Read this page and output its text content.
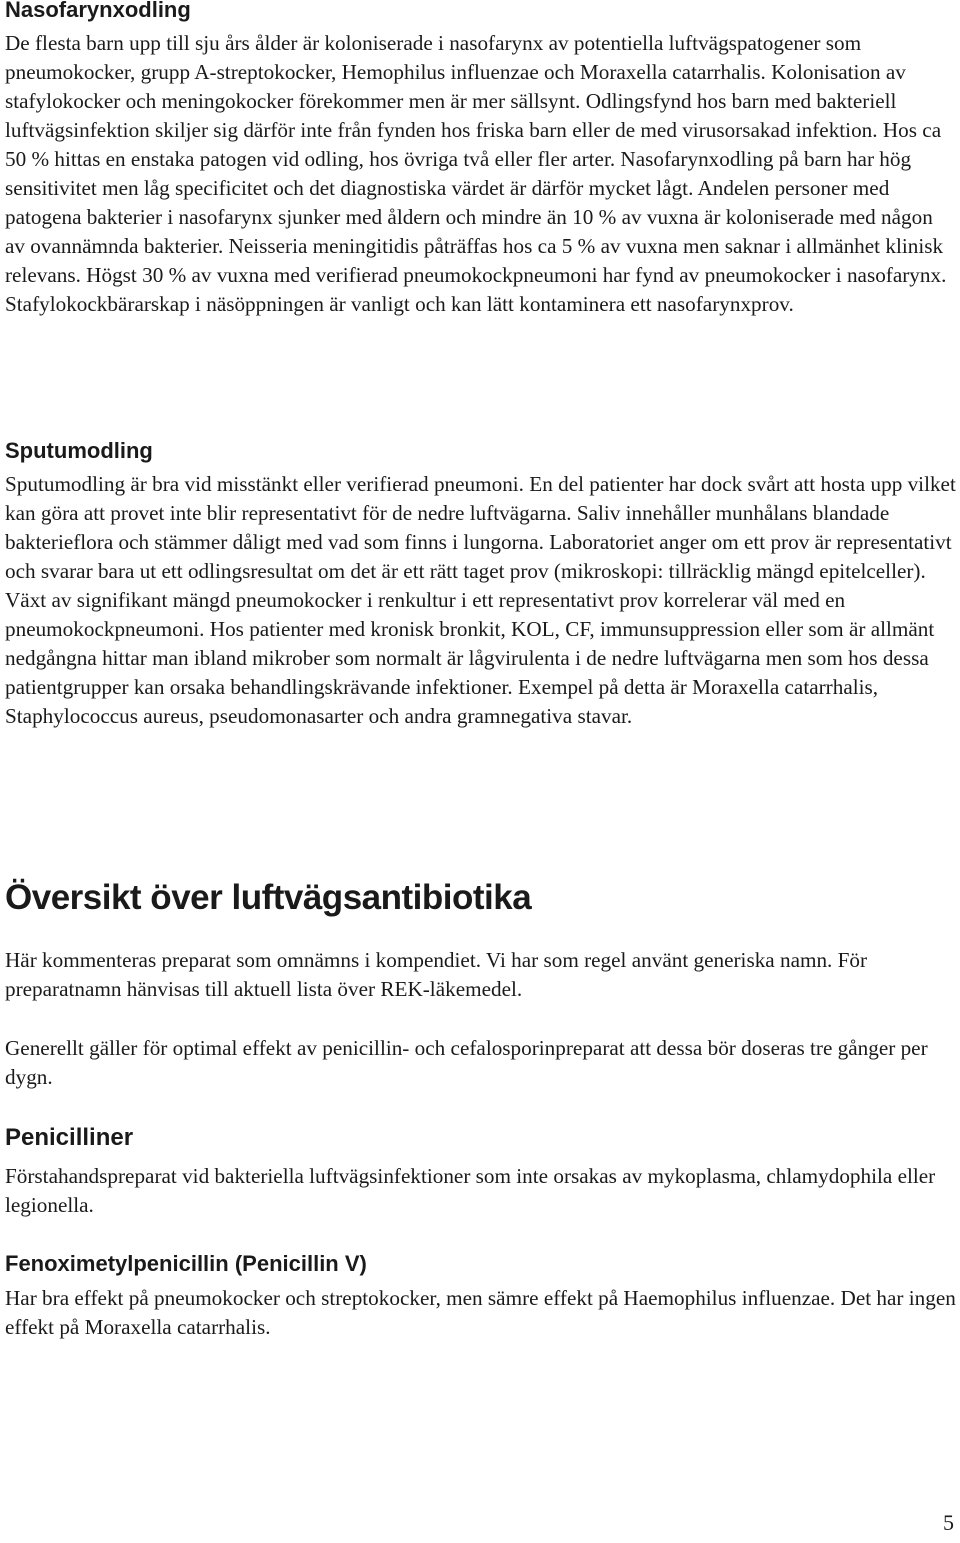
Nasofarynxodling

De flesta barn upp till sju års ålder är koloniserade i nasofarynx av potentiella luftvägspatogener som pneumokocker, grupp A-streptokocker, Hemophilus influenzae och Moraxella catarrhalis. Kolonisation av stafylokocker och meningokocker förekommer men är mer sällsynt. Odlingsfynd hos barn med bakteriell luftvägsinfektion skiljer sig därför inte från fynden hos friska barn eller de med virusorsakad infektion. Hos ca 50 % hittas en enstaka patogen vid odling, hos övriga två eller fler arter. Nasofarynxodling på barn har hög sensitivitet men låg specificitet och det diagnostiska värdet är därför mycket lågt. Andelen personer med patogena bakterier i nasofarynx sjunker med åldern och mindre än 10 % av vuxna är koloniserade med någon av ovannämnda bakterier. Neisseria meningitidis påträffas hos ca 5 % av vuxna men saknar i allmänhet klinisk relevans. Högst 30 % av vuxna med verifierad pneumokockpneumoni har fynd av pneumokocker i nasofarynx. Stafylokockbärarskap i näsöppningen är vanligt och kan lätt kontaminera ett nasofarynxprov.

Sputumodling

Sputumodling är bra vid misstänkt eller verifierad pneumoni. En del patienter har dock svårt att hosta upp vilket kan göra att provet inte blir representativt för de nedre luftvägarna. Saliv innehåller munhålans blandade bakterieflora och stämmer dåligt med vad som finns i lungorna. Laboratoriet anger om ett prov är representativt och svarar bara ut ett odlingsresultat om det är ett rätt taget prov (mikroskopi: tillräcklig mängd epitelceller). Växt av signifikant mängd pneumokocker i renkultur i ett representativt prov korrelerar väl med en pneumokockpneumoni. Hos patienter med kronisk bronkit, KOL, CF, immunsuppression eller som är allmänt nedgångna hittar man ibland mikrober som normalt är lågvirulenta i de nedre luftvägarna men som hos dessa patientgrupper kan orsaka behandlingskrävande infektioner. Exempel på detta är Moraxella catarrhalis, Staphylococcus aureus, pseudomonasarter och andra gramnegativa stavar.

Översikt över luftvägsantibiotika

Här kommenteras preparat som omnämns i kompendiet. Vi har som regel använt generiska namn. För preparatnamn hänvisas till aktuell lista över REK-läkemedel.

Generellt gäller för optimal effekt av penicillin- och cefalosporinpreparat att dessa bör doseras tre gånger per dygn.

Penicilliner

Förstahandspreparat vid bakteriella luftvägsinfektioner som inte orsakas av mykoplasma, chlamydophila eller legionella.

Fenoximetylpenicillin (Penicillin V)

Har bra effekt på pneumokocker och streptokocker, men sämre effekt på Haemophilus influenzae. Det har ingen effekt på Moraxella catarrhalis.

5
